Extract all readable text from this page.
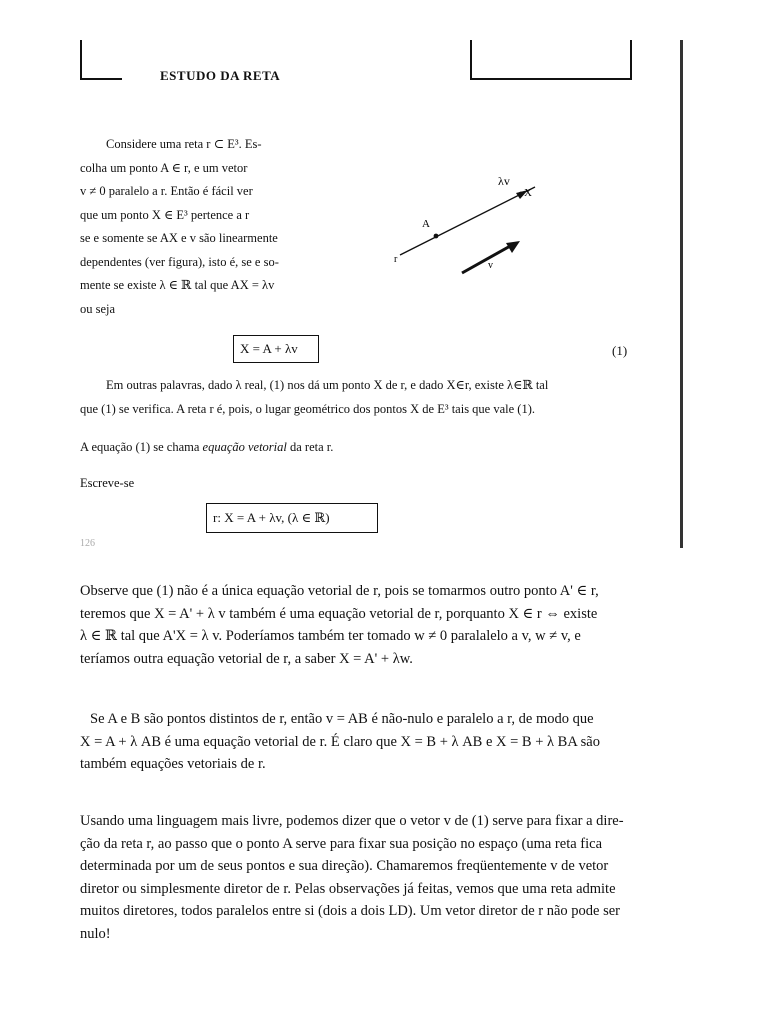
ESTUDO DA RETA
Considere uma reta r ⊂ E³. Es-
colha um ponto A ∈ r, e um vetor
v ≠ 0 paralelo a r. Então é fácil ver
que um ponto X ∈ E³ pertence a r
se e somente se AX e v são linearmente
dependentes (ver figura), isto é, se e so-
mente se existe λ ∈ ℝ tal que AX = λv
ou seja
λv
X
A
r
v
X = A + λv	(1)
Em outras palavras, dado λ real, (1) nos dá um ponto X de r, e dado X∈r, existe λ∈ℝ tal
que (1) se verifica. A reta r é, pois, o lugar geométrico dos pontos X de E³ tais que vale (1).
A equação (1) se chama equação vetorial da reta r.
Escreve-se
r: X = A + λv, (λ ∈ ℝ)
126
Observe que (1) não é a única equação vetorial de r, pois se tomarmos outro ponto A' ∈ r,
teremos que X = A' + λ v também é uma equação vetorial de r, porquanto X ∈ r ⇔ existe
λ ∈ ℝ tal que A'X = λ v. Poderíamos também ter tomado w ≠ 0 paralalelo a v, w ≠ v, e
teríamos outra equação vetorial de r, a saber X = A' + λw.
Se A e B são pontos distintos de r, então v = AB é não-nulo e paralelo a r, de modo que
X = A + λ AB é uma equação vetorial de r. É claro que X = B + λ AB e X = B + λ BA são
também equações vetoriais de r.
Usando uma linguagem mais livre, podemos dizer que o vetor v de (1) serve para fixar a dire-
ção da reta r, ao passo que o ponto A serve para fixar sua posição no espaço (uma reta fica
determinada por um de seus pontos e sua direção). Chamaremos freqüentemente v de vetor
diretor ou simplesmente diretor de r. Pelas observações já feitas, vemos que uma reta admite
muitos diretores, todos paralelos entre si (dois a dois LD). Um vetor diretor de r não pode ser
nulo!
